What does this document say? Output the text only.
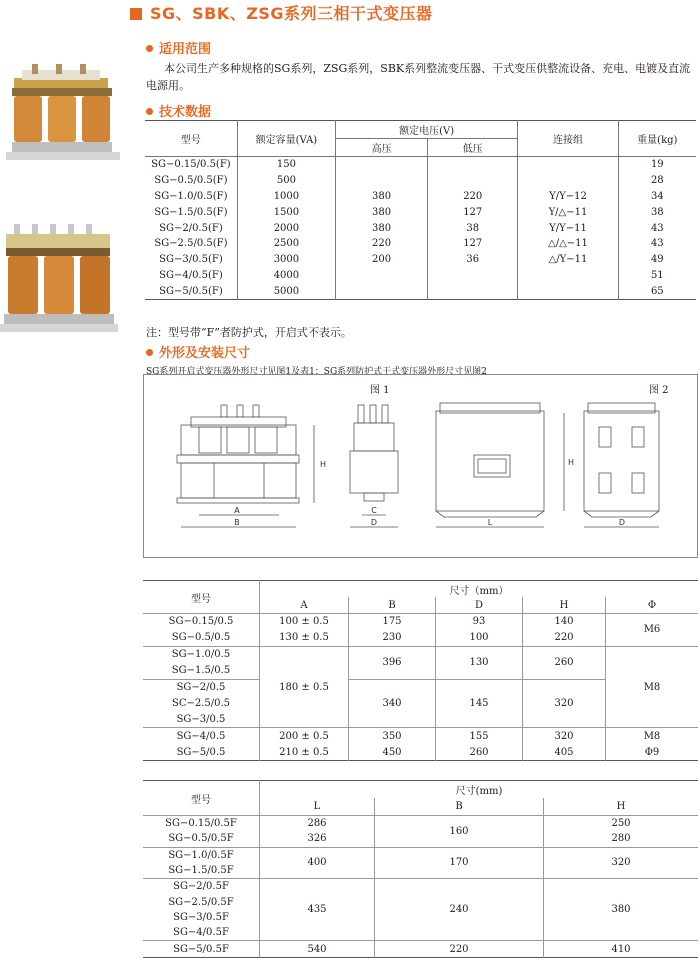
SG、SBK、ZSG系列三相干式变压器
适用范围
本公司生产多种规格的SG系列，ZSG系列，SBK系列整流变压器、干式变压供整流设备、充电、电镀及直流电源用。
技术数据
型号	额定容量(VA)	额定电压(V)		连接组	重量(kg)
		高压	低压		
SG−0.15/0.5(F)	150				19
SG−0.5/0.5(F)	500				28
SG−1.0/0.5(F)	1000	380	220	Y/Y−12	34
SG−1.5/0.5(F)	1500	380	127	Y/△−11	38
SG−2/0.5(F)	2000	380	38	Y/Y−11	43
SG−2.5/0.5(F)	2500	220	127	△/△−11	43
SG−3/0.5(F)	3000	200	36	△/Y−11	49
SG−4/0.5(F)	4000				51
SG−5/0.5(F)	5000				65
注：型号带“F”者防护式，开启式不表示。
外形及安装尺寸
SG系列开启式变压器外形尺寸见图1及表1；SG系列防护式干式变压器外形尺寸见图2
A
B
H
C
D	L
H
D
图 1	图 2
型号	尺寸（mm）				
	A	B	D	H	Φ
SG−0.15/0.5	100 ± 0.5	175	93	140	M6
SG−0.5/0.5	130 ± 0.5	230	100	220	
SG−1.0/0.5	180 ± 0.5	396	130	260	M8
SG−1.5/0.5					
SG−2/0.5		340	145	320	
SC−2.5/0.5					
SG−3/0.5					
SG−4/0.5	200 ± 0.5	350	155	320	M8
SG−5/0.5	210 ± 0.5	450	260	405	Φ9
型号	尺寸(mm)		
	L	B	H
SG−0.15/0.5F	286	160	250
SG−0.5/0.5F	326		280
SG−1.0/0.5F	400	170	320
SG−1.5/0.5F			
SG−2/0.5F	435	240	380
SG−2.5/0.5F			
SG−3/0.5F			
SG−4/0.5F			
SG−5/0.5F	540	220	410
